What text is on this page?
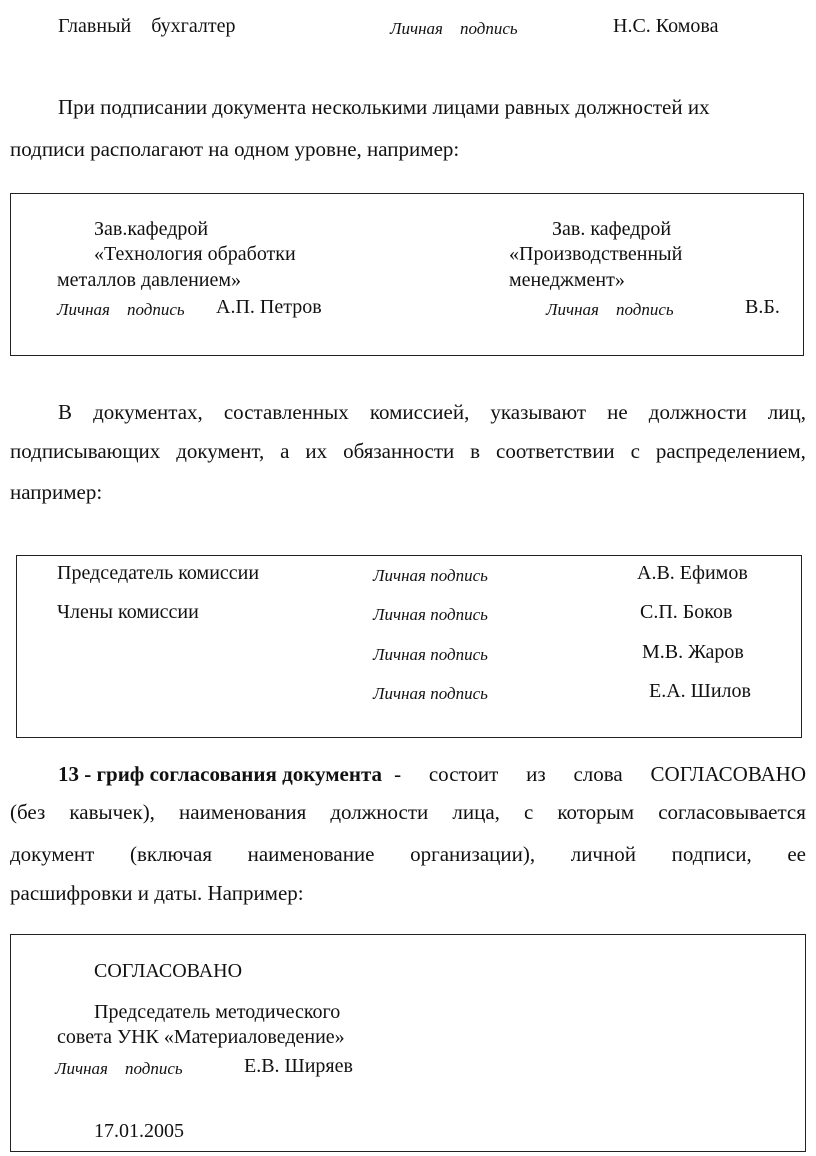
Главный    бухгалтер	Личная    подпись	Н.С. Комова
При подписании документа несколькими лицами равных должностей их
подписи располагают на одном уровне, например:
Зав.кафедрой
«Технология обработки
металлов давлением»
Личная    подпись А.П. Петров
Зав. кафедрой
«Производственный
менеджмент»
Личная    подпись	В.Б.
В документах, составленных комиссией, указывают не должности лиц,
подписывающих документ, а их обязанности в соответствии с распределением,
например:
Председатель комиссии	Личная подпись	А.В. Ефимов
Члены комиссии	Личная подпись	С.П. Боков
Личная подпись	М.В. Жаров
Личная подпись	Е.А. Шилов
13 - гриф согласования документа - состоит из слова СОГЛАСОВАНО
(без кавычек), наименования должности лица, с которым согласовывается
документ (включая наименование организации), личной подписи, ее
расшифровки и даты. Например:
СОГЛАСОВАНО
Председатель методического
совета УНК «Материаловедение»
Личная    подпись	Е.В. Ширяев
17.01.2005
